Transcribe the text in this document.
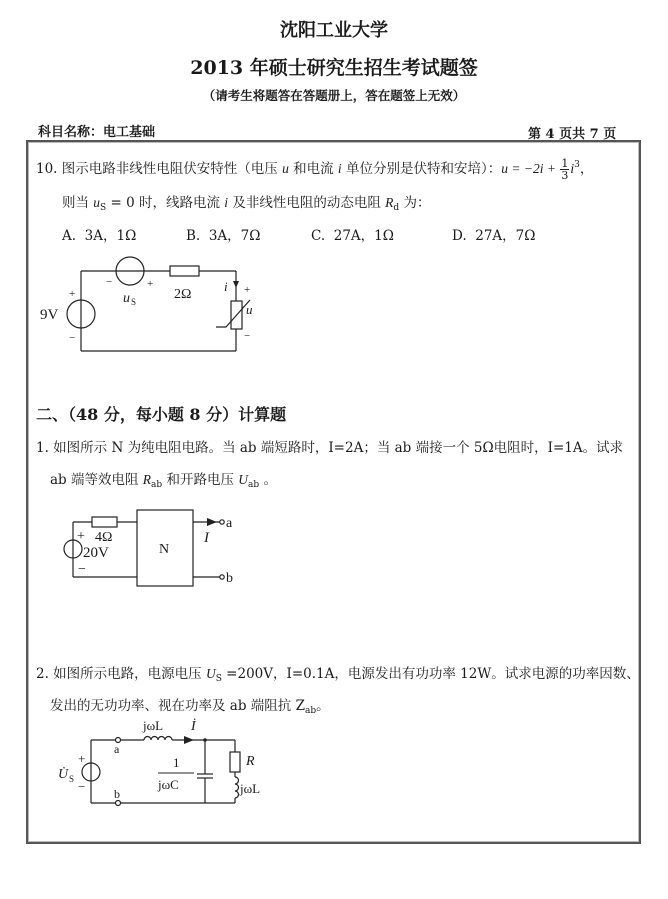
沈阳工业大学
2013 年硕士研究生招生考试题签
（请考生将题答在答题册上，答在题签上无效）
科目名称：电工基础	第 4 页共 7 页
10. 图示电路非线性电阻伏安特性（电压 u 和电流 i 单位分别是伏特和安培）：$u = -2i + \frac{1}{3} i^3$，
则当 $u_S = 0$ 时，线路电流 i 及非线性电阻的动态电阻 $R_d$ 为：
A. 3A，1Ω	B. 3A，7Ω	C. 27A，1Ω	D. 27A，7Ω
9V
+
−
−	+
u S	2Ω
i +
u
−
二、（48 分，每小题 8 分）计算题
1. 如图所示 N 为纯电阻电路。当 ab 端短路时，I=2A；当 ab 端接一个 5Ω电阻时，I=1A。试求
ab 端等效电阻 $R_{ab}$ 和开路电压 $U_{ab}$ 。
+
−
4Ω
20V	N
I
a
b
2. 如图所示电路，电源电压 $U_S =200V$，I=0.1A，电源发出有功功率 12W。试求电源的功率因数、
发出的无功功率、视在功率及 ab 端阻抗 $Z_{ab}$。
+
−
U̇ S
jωL İ
a
b
1
jωC
R
jωL
